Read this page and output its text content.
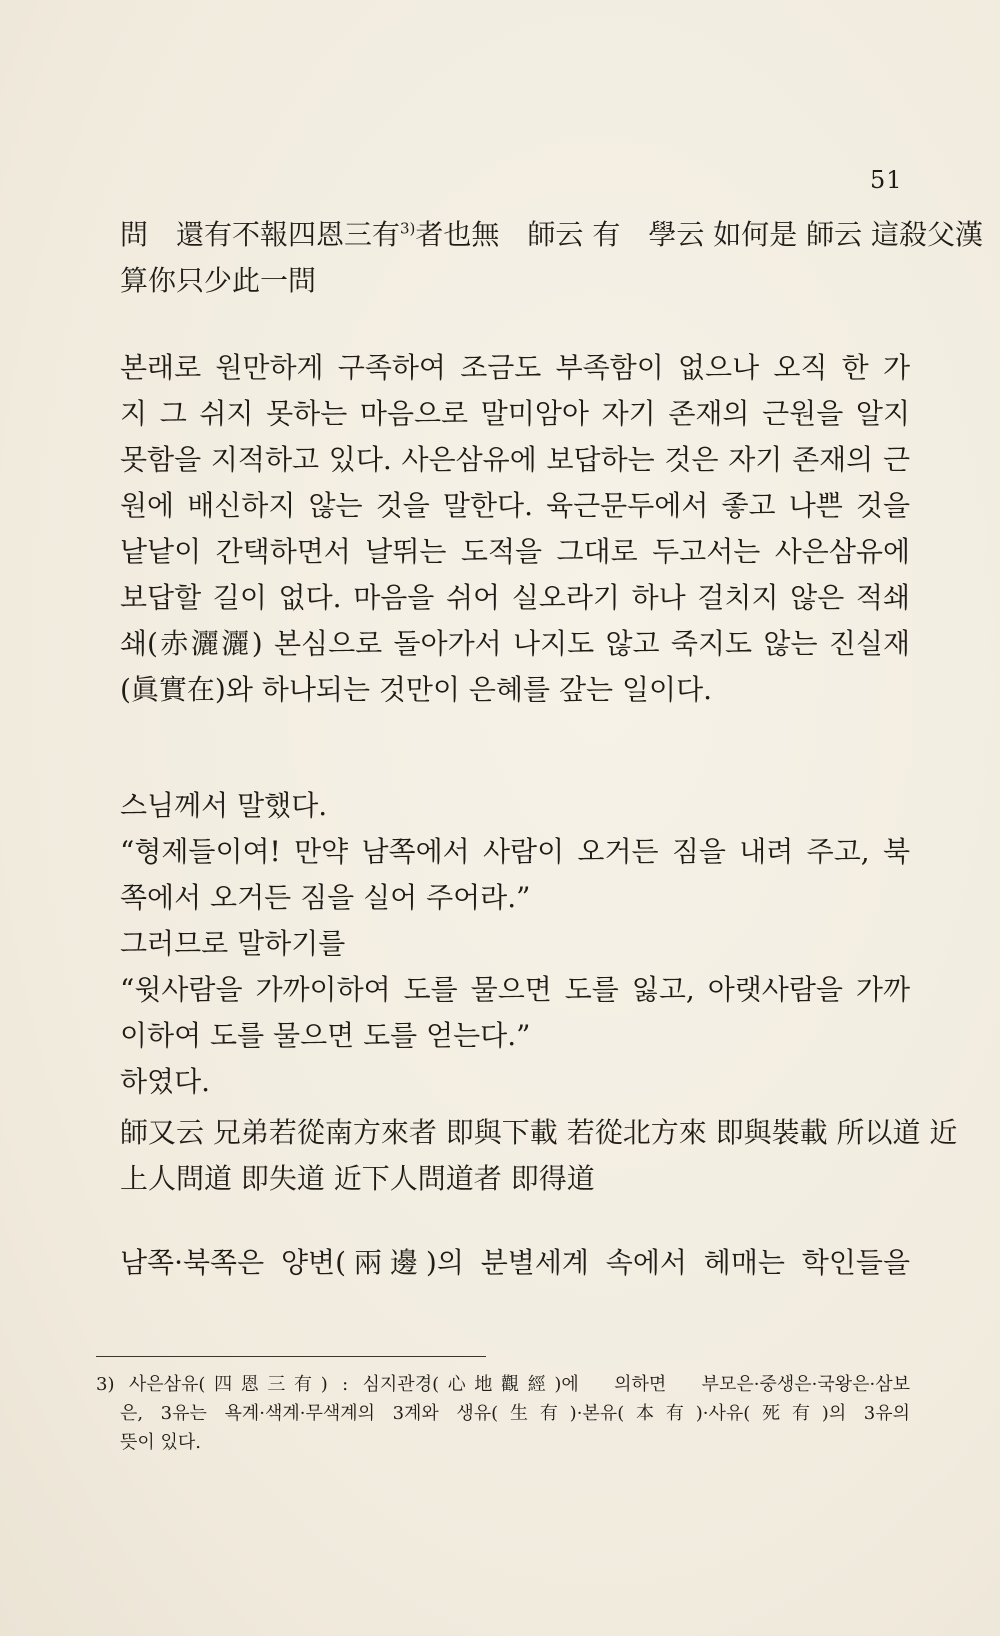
51
問　還有不報四恩三有$^{3)}$者也無　師云 有　學云 如何是 師云 這殺父漢
算你只少此一問
본래로 원만하게 구족하여 조금도 부족함이 없으나 오직 한 가
지 그 쉬지 못하는 마음으로 말미암아 자기 존재의 근원을 알지
못함을 지적하고 있다. 사은삼유에 보답하는 것은 자기 존재의 근
원에 배신하지 않는 것을 말한다. 육근문두에서 좋고 나쁜 것을
낱낱이 간택하면서 날뛰는 도적을 그대로 두고서는 사은삼유에
보답할 길이 없다. 마음을 쉬어 실오라기 하나 걸치지 않은 적쇄
쇄(赤灑灑) 본심으로 돌아가서 나지도 않고 죽지도 않는 진실재
(眞實在)와 하나되는 것만이 은혜를 갚는 일이다.
스님께서 말했다.
“형제들이여! 만약 남쪽에서 사람이 오거든 짐을 내려 주고, 북
쪽에서 오거든 짐을 실어 주어라.”
그러므로 말하기를
“윗사람을 가까이하여 도를 물으면 도를 잃고, 아랫사람을 가까
이하여 도를 물으면 도를 얻는다.”
하였다.
師又云 兄弟若從南方來者 即與下載 若從北方來 即與裝載 所以道 近
上人問道 即失道 近下人問道者 即得道
남쪽·북쪽은 양변(兩邊)의 분별세계 속에서 헤매는 학인들을
3) 사은삼유(四恩三有) : 심지관경(心地觀經)에　의하면　부모은·중생은·국왕은·삼보
은, 3유는 욕계·색계·무색계의 3계와 생유(生有)·본유(本有)·사유(死有)의 3유의
뜻이 있다.
